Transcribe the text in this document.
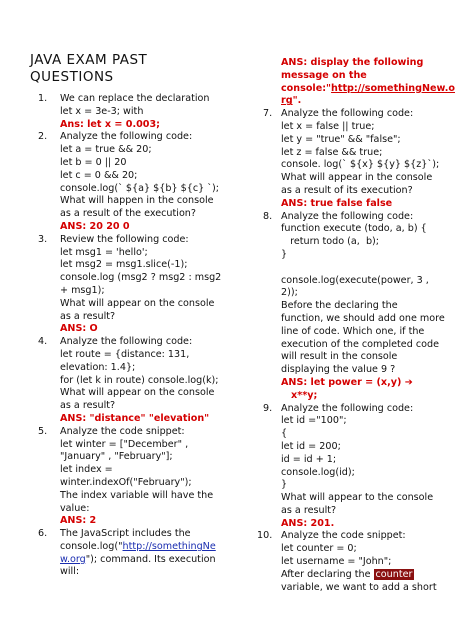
JAVA EXAM PAST
QUESTIONS
1. We can replace the declaration
let x = 3e-3; with
Ans: let x = 0.003;
2. Analyze the following code:
let a = true && 20;
let b = 0 || 20
let c = 0 && 20;
console.log(` ${a} ${b} ${c} `);
What will happen in the console
as a result of the execution?
ANS: 20 20 0
3. Review the following code:
let msg1 = 'hello';
let msg2 = msg1.slice(-1);
console.log (msg2 ? msg2 : msg2
+ msg1);
What will appear on the console
as a result?
ANS: O
4. Analyze the following code:
let route = {distance: 131,
elevation: 1.4};
for (let k in route) console.log(k);
What will appear on the console
as a result?
ANS: "distance" "elevation"
5. Analyze the code snippet:
let winter = ["December" ,
"January" , "February"];
let index =
winter.indexOf("February");
The index variable will have the
value:
ANS: 2
6. The JavaScript includes the
console.log("http://somethingNe
w.org"); command. Its execution
will:
ANS: display the following
message on the
console:"http://somethingNew.o
rg".
7. Analyze the following code:
let x = false || true;
let y = "true" && "false";
let z = false && true;
console. log(` ${x} ${y} ${z}`);
What will appear in the console
as a result of its execution?
ANS: true false false
8. Analyze the following code:
function execute (todo, a, b) {
return todo (a,  b);
}

console.log(execute(power, 3 ,
2));
Before the declaring the
function, we should add one more
line of code. Which one, if the
execution of the completed code
will result in the console
displaying the value 9 ?
ANS: let power = (x,y) ➔
x**y;
9. Analyze the following code:
let id ="100";
{
let id = 200;
id = id + 1;
console.log(id);
}
What will appear to the console
as a result?
ANS: 201.
10. Analyze the code snippet:
let counter = 0;
let username = "John";
After declaring the counter
variable, we want to add a short
